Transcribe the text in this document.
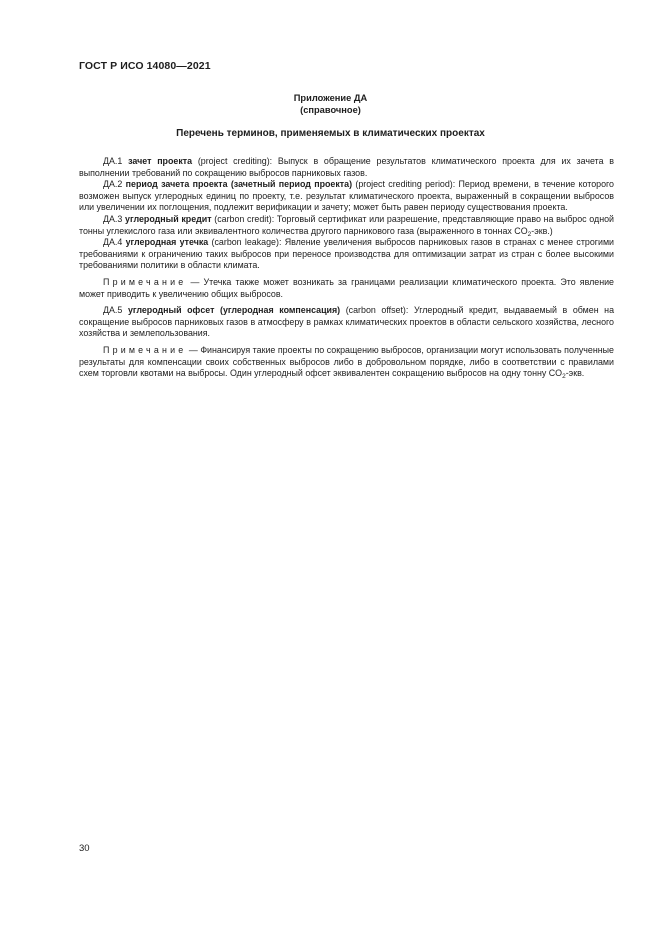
ГОСТ Р ИСО 14080—2021
Приложение ДА
(справочное)
Перечень терминов, применяемых в климатических проектах

ДА.1 зачет проекта (project crediting): Выпуск в обращение результатов климатического проекта для их зачета в выполнении требований по сокращению выбросов парниковых газов.

ДА.2 период зачета проекта (зачетный период проекта) (project crediting period): Период времени, в течение которого возможен выпуск углеродных единиц по проекту, т.е. результат климатического проекта, выраженный в сокращении выбросов или увеличении их поглощения, подлежит верификации и зачету; может быть равен периоду существования проекта.

ДА.3 углеродный кредит (carbon credit): Торговый сертификат или разрешение, представляющие право на выброс одной тонны углекислого газа или эквивалентного количества другого парникового газа (выраженного в тоннах $CO_2-экв$.)

ДА.4 углеродная утечка (carbon leakage): Явление увеличения выбросов парниковых газов в странах с менее строгими требованиями к ограничению таких выбросов при переносе производства для оптимизации затрат из стран с более высокими требованиями политики в области климата.

Примечание — Утечка также может возникать за границами реализации климатического проекта. Это явление может приводить к увеличению общих выбросов.

ДА.5 углеродный офсет (углеродная компенсация) (carbon offset): Углеродный кредит, выдаваемый в обмен на сокращение выбросов парниковых газов в атмосферу в рамках климатических проектов в области сельского хозяйства, лесного хозяйства и землепользования.

Примечание — Финансируя такие проекты по сокращению выбросов, организации могут использовать полученные результаты для компенсации своих собственных выбросов либо в добровольном порядке, либо в соответствии с правилами схем торговли квотами на выбросы. Один углеродный офсет эквивалентен сокращению выбросов на одну тонну $CO_2$-экв.

30
